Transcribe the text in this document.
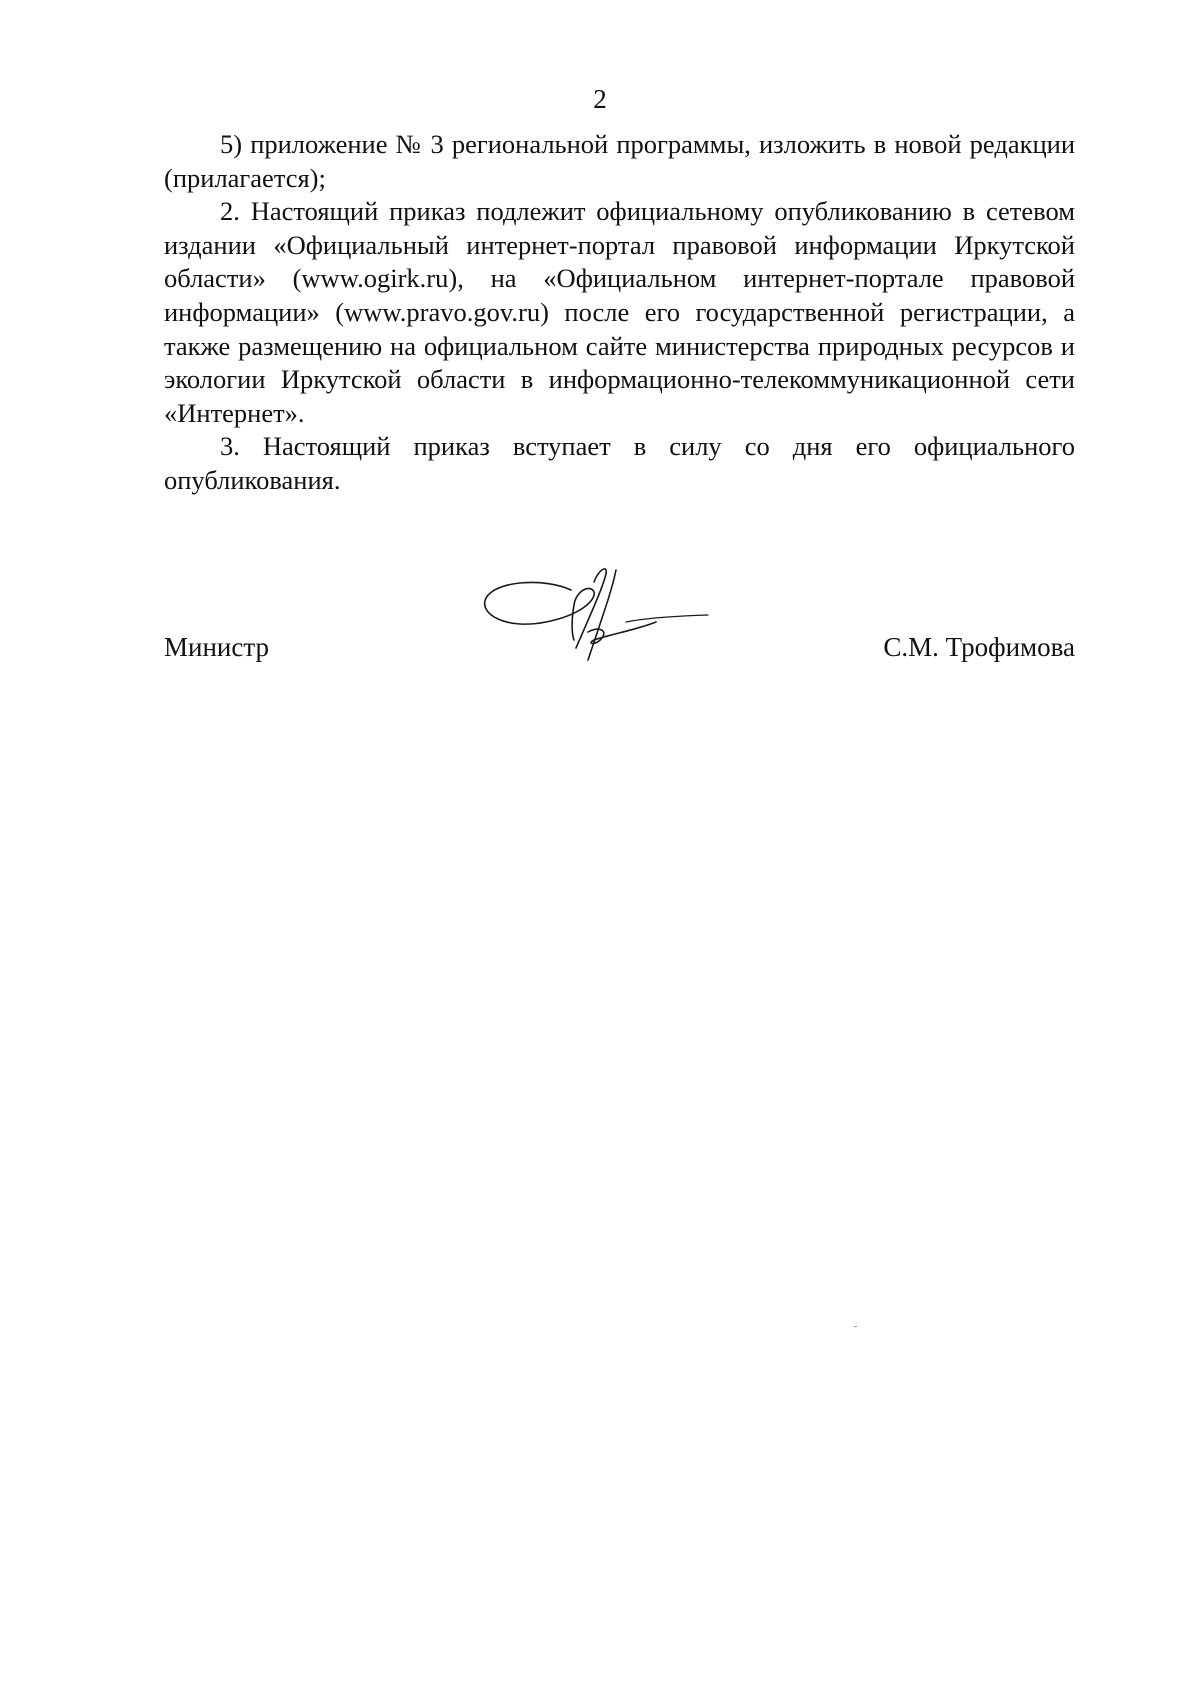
2

5) приложение № 3 региональной программы, изложить в новой редакции (прилагается);

2. Настоящий приказ подлежит официальному опубликованию в сетевом издании «Официальный интернет-портал правовой информации Иркутской области» (www.ogirk.ru), на «Официальном интернет-портале правовой информации» (www.pravo.gov.ru) после его государственной регистрации, а также размещению на официальном сайте министерства природных ресурсов и экологии Иркутской области в информационно-телекоммуникационной сети «Интернет».

3. Настоящий приказ вступает в силу со дня его официального опубликования.

Министр	С.М. Трофимова
